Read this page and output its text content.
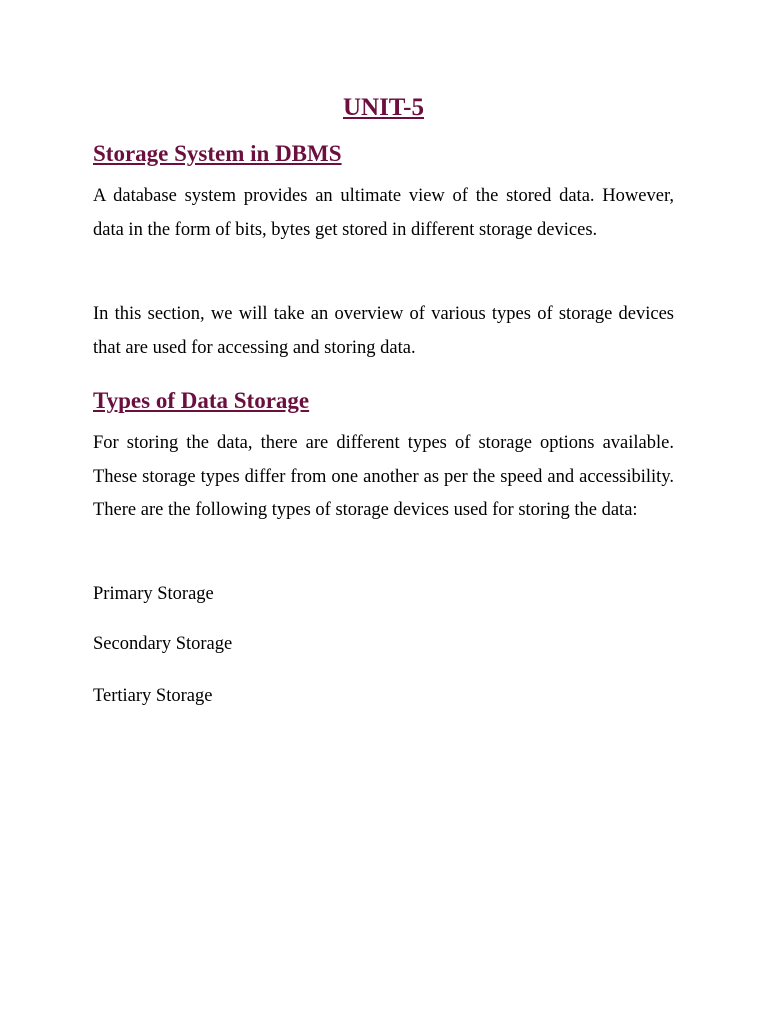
UNIT-5
Storage System in DBMS

A database system provides an ultimate view of the stored data. However, data in the form of bits, bytes get stored in different storage devices.

In this section, we will take an overview of various types of storage devices that are used for accessing and storing data.

Types of Data Storage

For storing the data, there are different types of storage options available. These storage types differ from one another as per the speed and accessibility. There are the following types of storage devices used for storing the data:

Primary Storage

Secondary Storage

Tertiary Storage
